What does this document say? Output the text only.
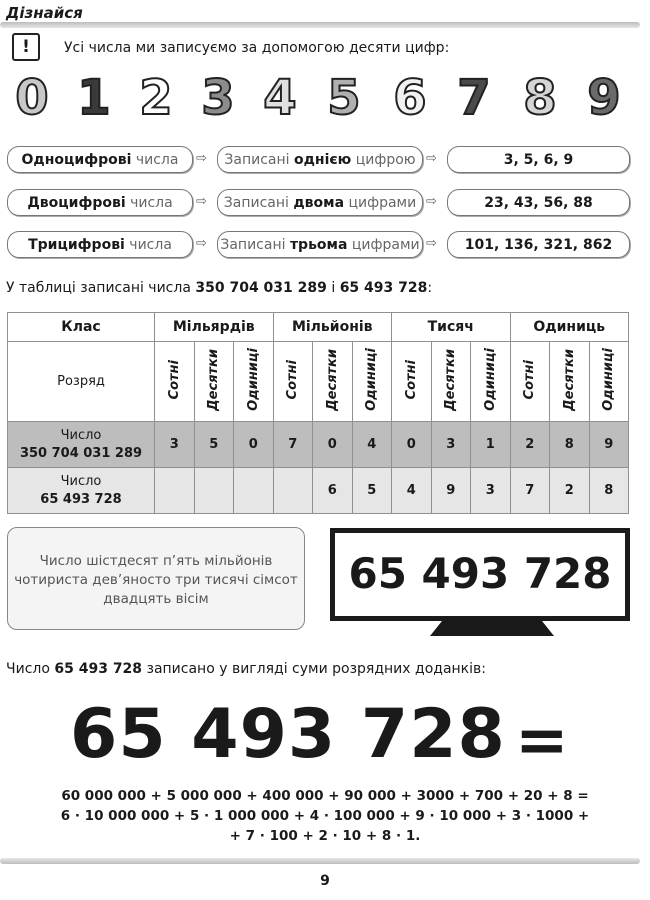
Дізнайся
!	Усі числа ми записуємо за допомогою десяти цифр:
0 1 2 3 4 5 6 7 8 9
Одноцифрові числа	⇨	Записані однією цифрою ⇨	3, 5, 6, 9
Двоцифрові числа	⇨	Записані двома цифрами ⇨	23, 43, 56, 88
Трицифрові числа	⇨ Записані трьома цифрами ⇨	101, 136, 321, 862
У таблиці записані числа 350 704 031 289 і 65 493 728:
Клас	Мільярдів			Мільйонів			Тисяч			Одиниць		
Розряд	Сотні	Десятки	Одиниці	Сотні	Десятки	Одиниці	Сотні	Десятки	Одиниці	Сотні	Десятки	Одиниці
Число
350 704 031 289	3	5	0	7	0	4	0	3	1	2	8	9
Число
65 493 728					6	5	4	9	3	7	2	8
Число шістдесят п’ять мільйонів
чотириста дев’яносто три тисячі сімсот
двадцять вісім
65 493 728
Число 65 493 728 записано у вигляді суми розрядних доданків:
65 493 728 =
60 000 000 + 5 000 000 + 400 000 + 90 000 + 3000 + 700 + 20 + 8 =
6 · 10 000 000 + 5 · 1 000 000 + 4 · 100 000 + 9 · 10 000 + 3 · 1000 +
+ 7 · 100 + 2 · 10 + 8 · 1.
9
